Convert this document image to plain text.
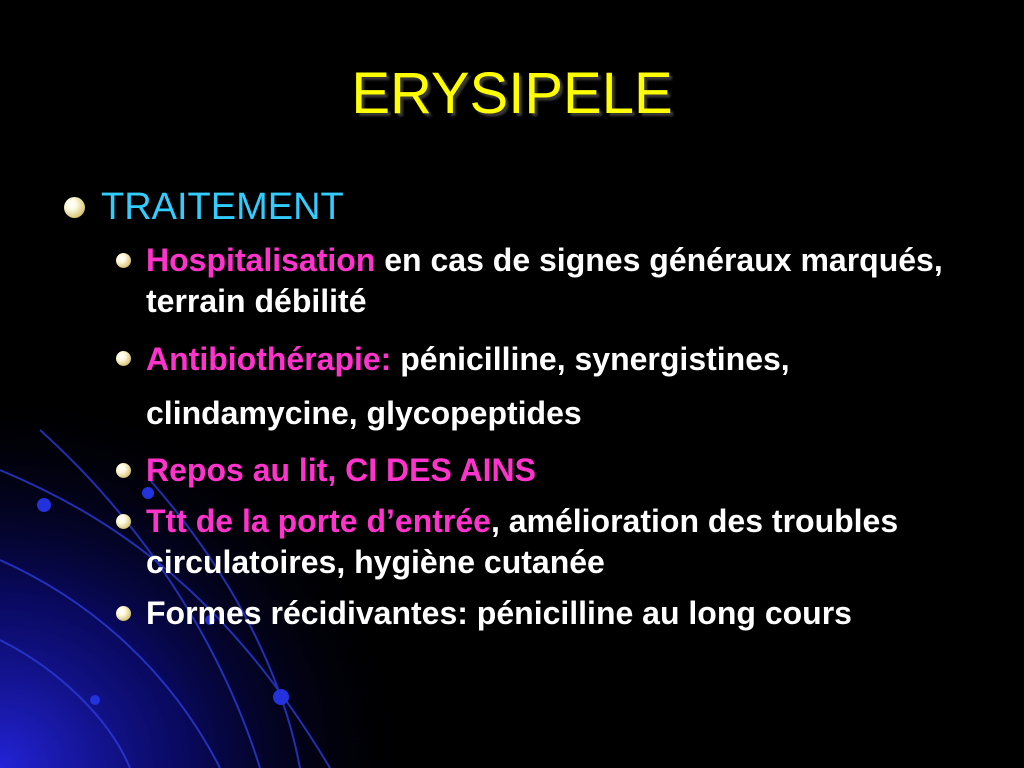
ERYSIPELE
TRAITEMENT
Hospitalisation en cas de signes généraux marqués, terrain débilité
Antibiothérapie: pénicilline, synergistines, clindamycine, glycopeptides
Repos au lit, CI DES AINS
Ttt de la porte d’entrée, amélioration des troubles circulatoires, hygiène cutanée
Formes récidivantes: pénicilline au long cours
